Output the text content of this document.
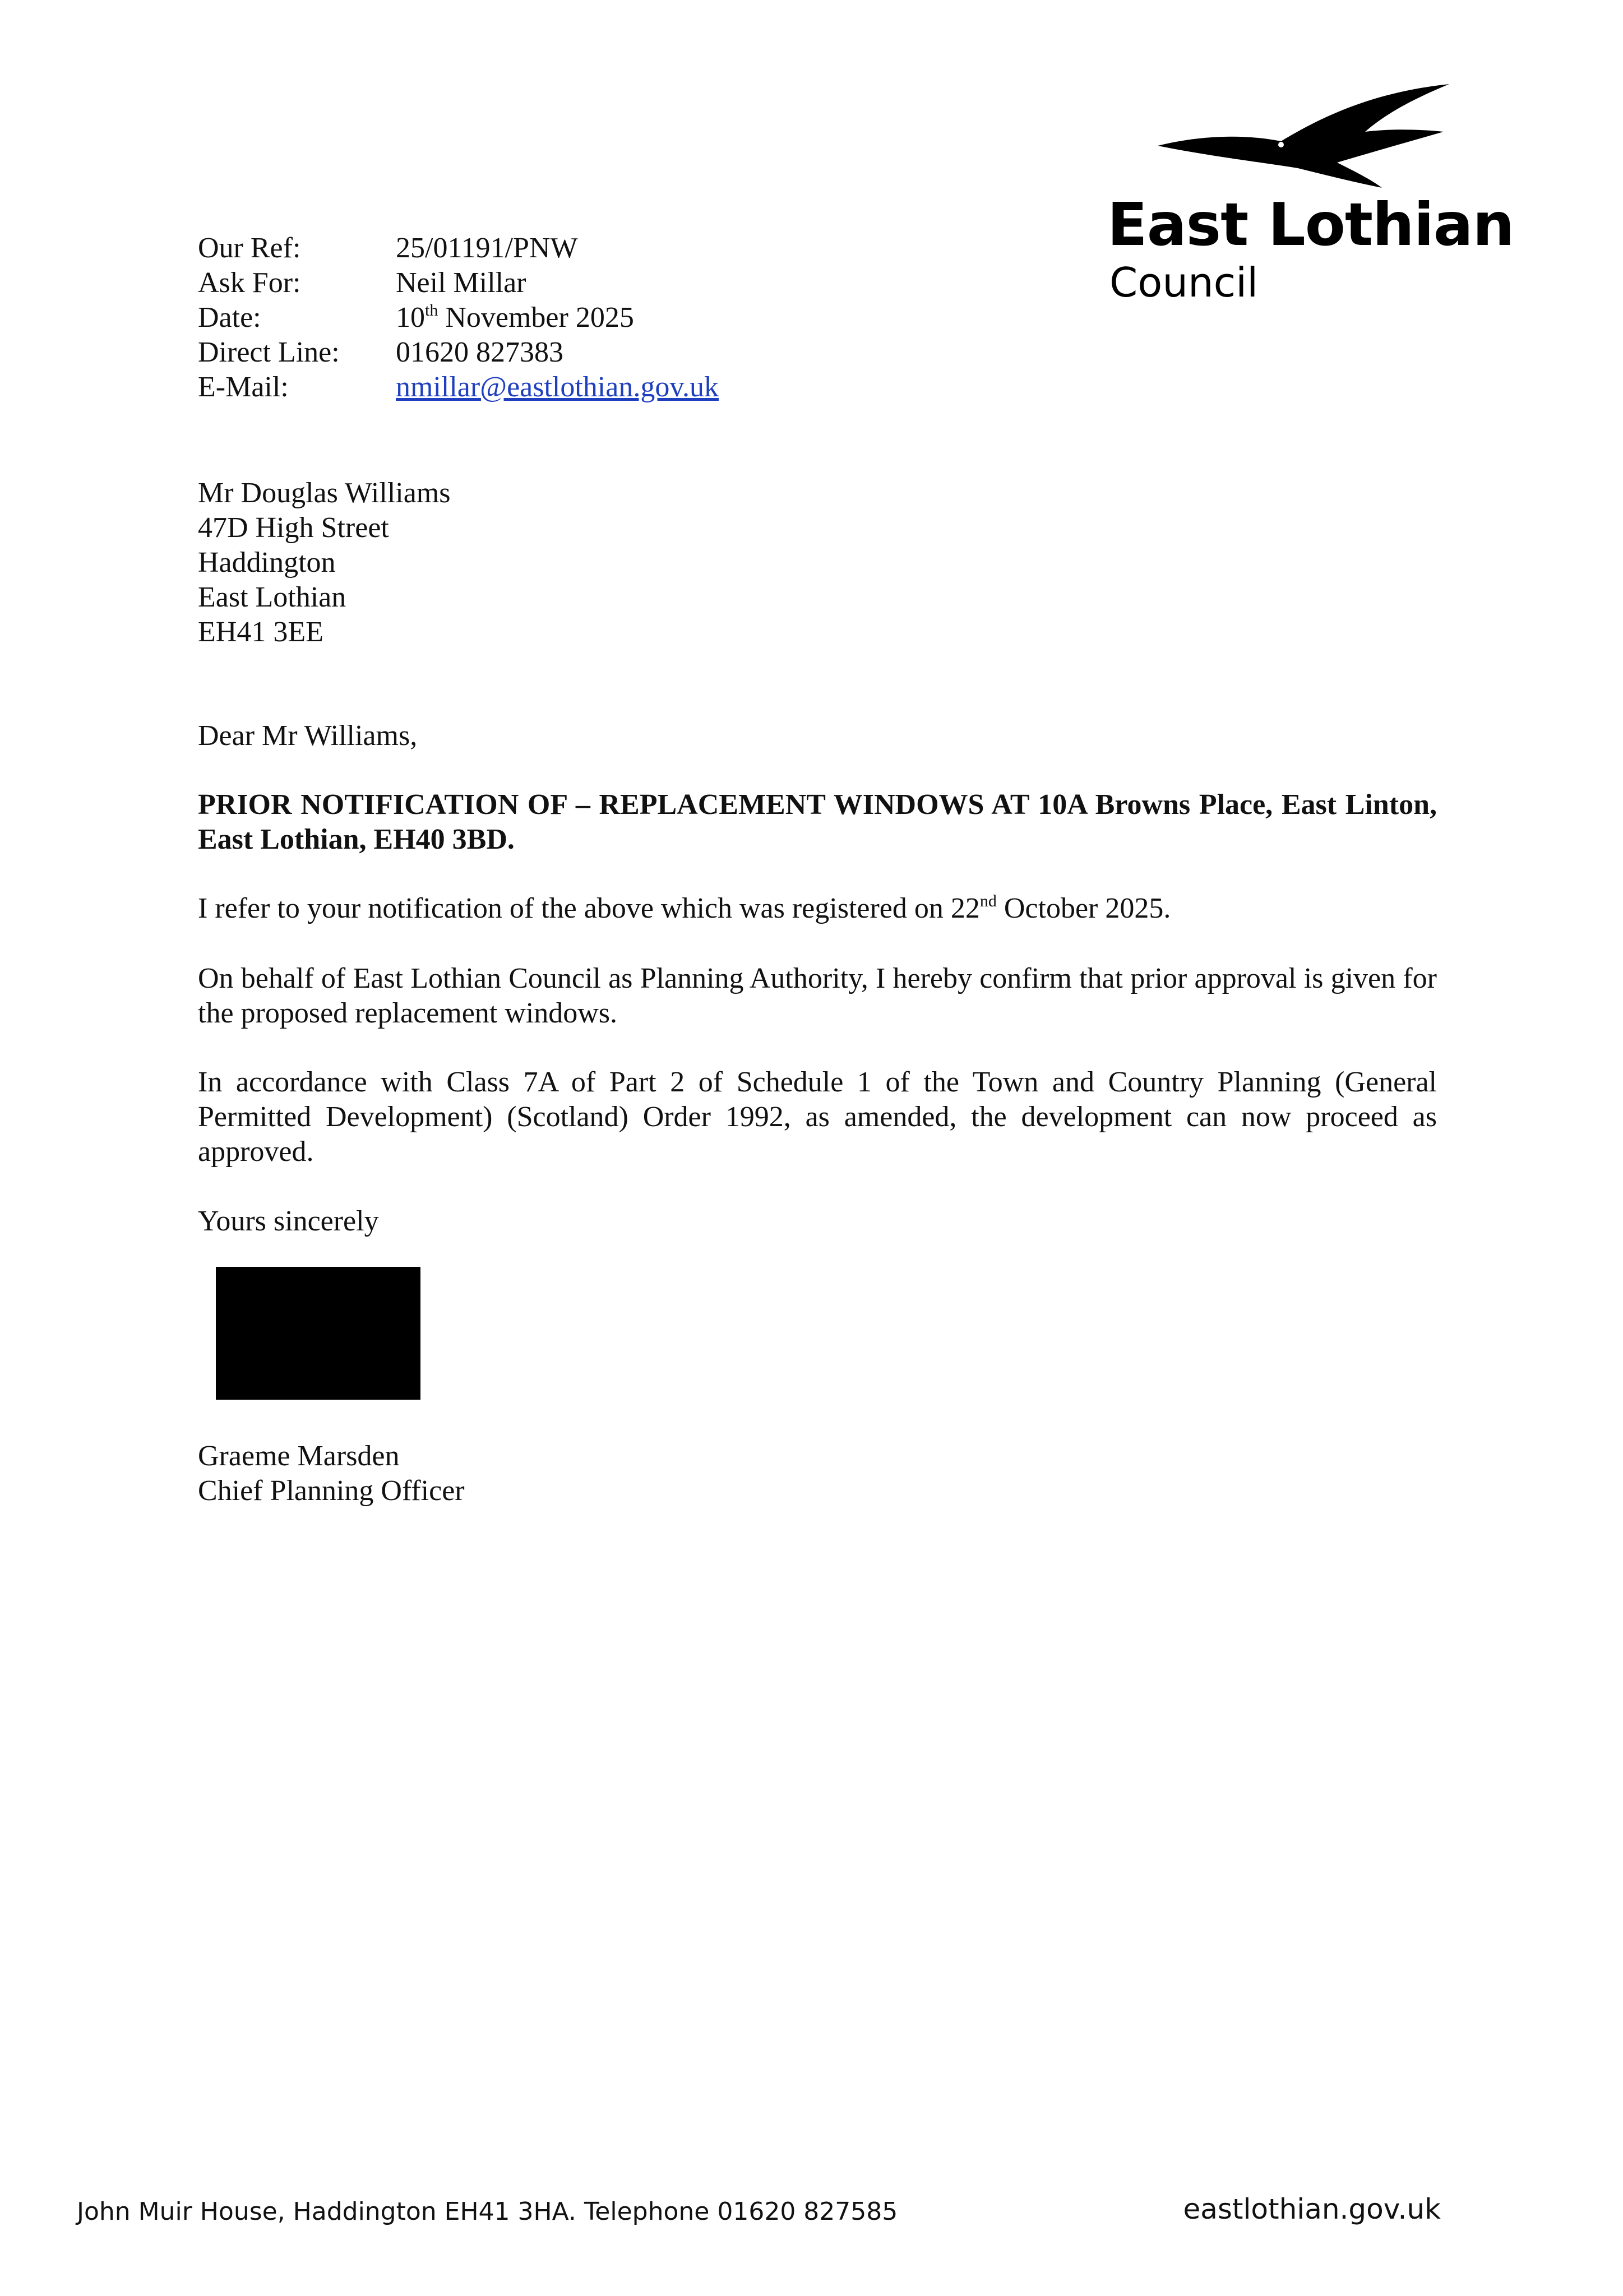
East Lothian
Council
Our Ref:	25/01191/PNW
Ask For:	Neil Millar
Date:	10th November 2025
Direct Line:	01620 827383
E-Mail:	nmillar@eastlothian.gov.uk
Mr Douglas Williams
47D High Street
Haddington
East Lothian
EH41 3EE
Dear Mr Williams,
PRIOR NOTIFICATION OF – REPLACEMENT WINDOWS AT 10A Browns Place, East Linton, East Lothian, EH40 3BD.
I refer to your notification of the above which was registered on 22nd October 2025.
On behalf of East Lothian Council as Planning Authority, I hereby confirm that prior approval is given for the proposed replacement windows.
In accordance with Class 7A of Part 2 of Schedule 1 of the Town and Country Planning (General Permitted Development) (Scotland) Order 1992, as amended, the development can now proceed as approved.
Yours sincerely
Graeme Marsden
Chief Planning Officer
John Muir House, Haddington EH41 3HA. Telephone 01620 827585	eastlothian.gov.uk
